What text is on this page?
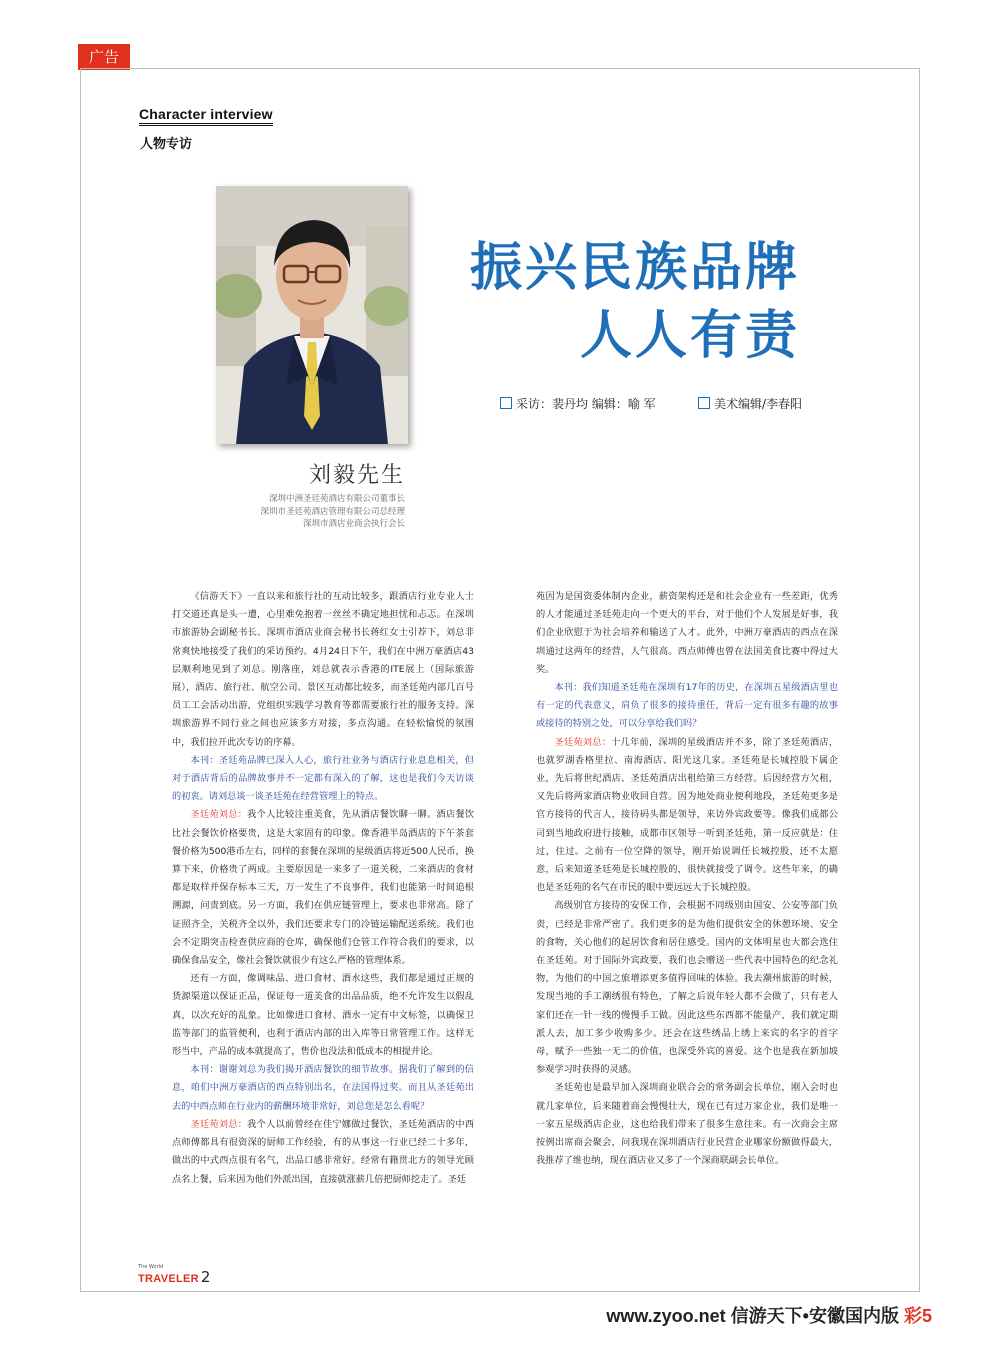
广告
Character interview
人物专访
振兴民族品牌
人人有责
采访：裴丹均 编辑：喻 军	美术编辑/李春阳
刘毅先生
深圳中洲圣廷苑酒店有限公司董事长
深圳市圣廷苑酒店管理有限公司总经理
深圳市酒店业商会执行会长

《信游天下》一直以来和旅行社的互动比较多，跟酒店行业专业人士打交道还真是头一遭，心里难免抱着一丝丝不确定地担忧和忐忑。在深圳市旅游协会副秘书长、深圳市酒店业商会秘书长蒋红女士引荐下，刘总非常爽快地接受了我们的采访预约。4月24日下午，我们在中洲万豪酒店43层顺利地见到了刘总。刚落座，刘总就表示香港的ITE展上（国际旅游展），酒店、旅行社、航空公司、景区互动都比较多，而圣廷苑内部几百号员工工会活动出游，党组织实践学习教育等都需要旅行社的服务支持。深圳旅游界不同行业之间也应该多方对接，多点沟通。在轻松愉悦的氛围中，我们拉开此次专访的序幕。

本刊：圣廷苑品牌已深入人心，旅行社业务与酒店行业息息相关，但对于酒店背后的品牌故事并不一定都有深入的了解，这也是我们今天访谈的初衷。请刘总谈一谈圣廷苑在经营管理上的特点。

圣廷苑刘总：我个人比较注重美食，先从酒店餐饮聊一聊。酒店餐饮比社会餐饮价格要贵，这是大家固有的印象。像香港半岛酒店的下午茶套餐价格为500港币左右，同样的套餐在深圳的星级酒店将近500人民币，换算下来，价格贵了两成。主要原因是一来多了一道关税，二来酒店的食材都是取样并保存标本三天，万一发生了不良事件，我们也能第一时间追根溯源，问责到底。另一方面，我们在供应链管理上，要求也非常高。除了证照齐全，关税齐全以外，我们还要求专门的冷链运输配送系统。我们也会不定期突击检查供应商的仓库，确保他们仓管工作符合我们的要求，以确保食品安全，像社会餐饮就很少有这么严格的管理体系。

还有一方面，像调味品、进口食材、酒水这些，我们都是通过正规的货源渠道以保证正品，保证每一道美食的出品品质，绝不允许发生以假乱真，以次充好的乱象。比如像进口食材、酒水一定有中文标签，以确保卫监等部门的监管便利，也利于酒店内部的出入库等日常管理工作。这样无形当中，产品的成本就提高了，售价也没法和低成本的相提并论。

本刊：谢谢刘总为我们揭开酒店餐饮的细节故事。据我们了解到的信息，咱们中洲万豪酒店的西点特别出名，在法国得过奖。而且从圣廷苑出去的中西点师在行业内的薪酬环境非常好，刘总您是怎么看呢？

圣廷苑刘总：我个人以前曾经在佳宁娜做过餐饮，圣廷苑酒店的中西点师傅都具有很资深的厨师工作经验，有的从事这一行业已经二十多年，做出的中式西点很有名气，出品口感非常好。经常有籍贯北方的领导光顾点名上餐，后来因为他们外派出国，直接就涨薪几倍把厨师挖走了。圣廷

苑因为是国资委体制内企业，薪资架构还是和社会企业有一些差距，优秀的人才能通过圣廷苑走向一个更大的平台，对于他们个人发展是好事，我们企业欣慰于为社会培养和输送了人才。此外，中洲万豪酒店的西点在深圳通过这两年的经营，人气很高。西点师傅也曾在法国美食比赛中得过大奖。

本刊：我们知道圣廷苑在深圳有17年的历史，在深圳五星级酒店里也有一定的代表意义，肩负了很多的接待重任，背后一定有很多有趣的故事或接待的特别之处，可以分享给我们吗？

圣廷苑刘总：十几年前，深圳的星级酒店并不多，除了圣廷苑酒店，也就罗湖香格里拉、南海酒店、阳光这几家。圣廷苑是长城控股下属企业，先后将世纪酒店、圣廷苑酒店出租给第三方经营。后因经营方欠租，又先后将两家酒店物业收回自营。因为地处商业便利地段，圣廷苑更多是官方接待的代言人，接待码头都是领导，来访外宾政要等。像我们成都公司到当地政府进行接触，成都市区领导一听到圣廷苑，第一反应就是：住过，住过。之前有一位空降的领导，刚开始说调任长城控股，还不太愿意，后来知道圣廷苑是长城控股的，很快就接受了调令。这些年来，的确也是圣廷苑的名气在市民的眼中要远远大于长城控股。

高级别官方接待的安保工作，会根据不同级别由国安、公安等部门负责，已经是非常严密了。我们更多的是为他们提供安全的休憩环境、安全的食物，关心他们的起居饮食和居住感受。国内的文体明星也大都会选住在圣廷苑。对于国际外宾政要，我们也会赠送一些代表中国特色的纪念礼物，为他们的中国之旅增添更多值得回味的体验。我去潮州旅游的时候，发现当地的手工潮绣很有特色，了解之后说年轻人都不会做了，只有老人家们还在一针一线的慢慢手工做。因此这些东西都不能量产，我们就定期派人去，加工多少收购多少。还会在这些绣品上绣上来宾的名字的首字母，赋予一些独一无二的价值，也深受外宾的喜爱。这个也是我在新加坡参观学习时获得的灵感。

圣廷苑也是最早加入深圳商业联合会的常务副会长单位，刚入会时也就几家单位，后来随着商会慢慢壮大，现在已有过万家企业，我们是唯一一家五星级酒店企业，这也给我们带来了很多生意往来。有一次商会主席按例出席商会聚会，问我现在深圳酒店行业民营企业哪家份额做得最大，我推荐了维也纳，现在酒店业又多了一个深商联副会长单位。

The World
TRAVELER 2
www.zyoo.net 信游天下•安徽国内版 彩5
